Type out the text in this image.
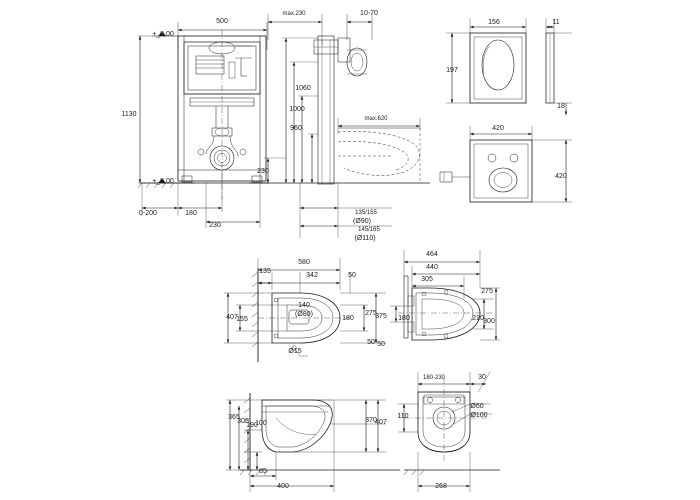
500
max.230	10-70
1130
1060
1000
960
230
230
180
0-200
max.620
135/155
(Ø90)
145/165
(Ø110)
+_0,00
+_0,00
156	11
197
18
420
420
580
342	50
135
140
(Ø80)
180
407
155
275
375
50 50
Ø15
464
440
305
180
275
210 300
365
305
190
100	370
407
85
400
180-230	30
110
Ø60
Ø100
268
